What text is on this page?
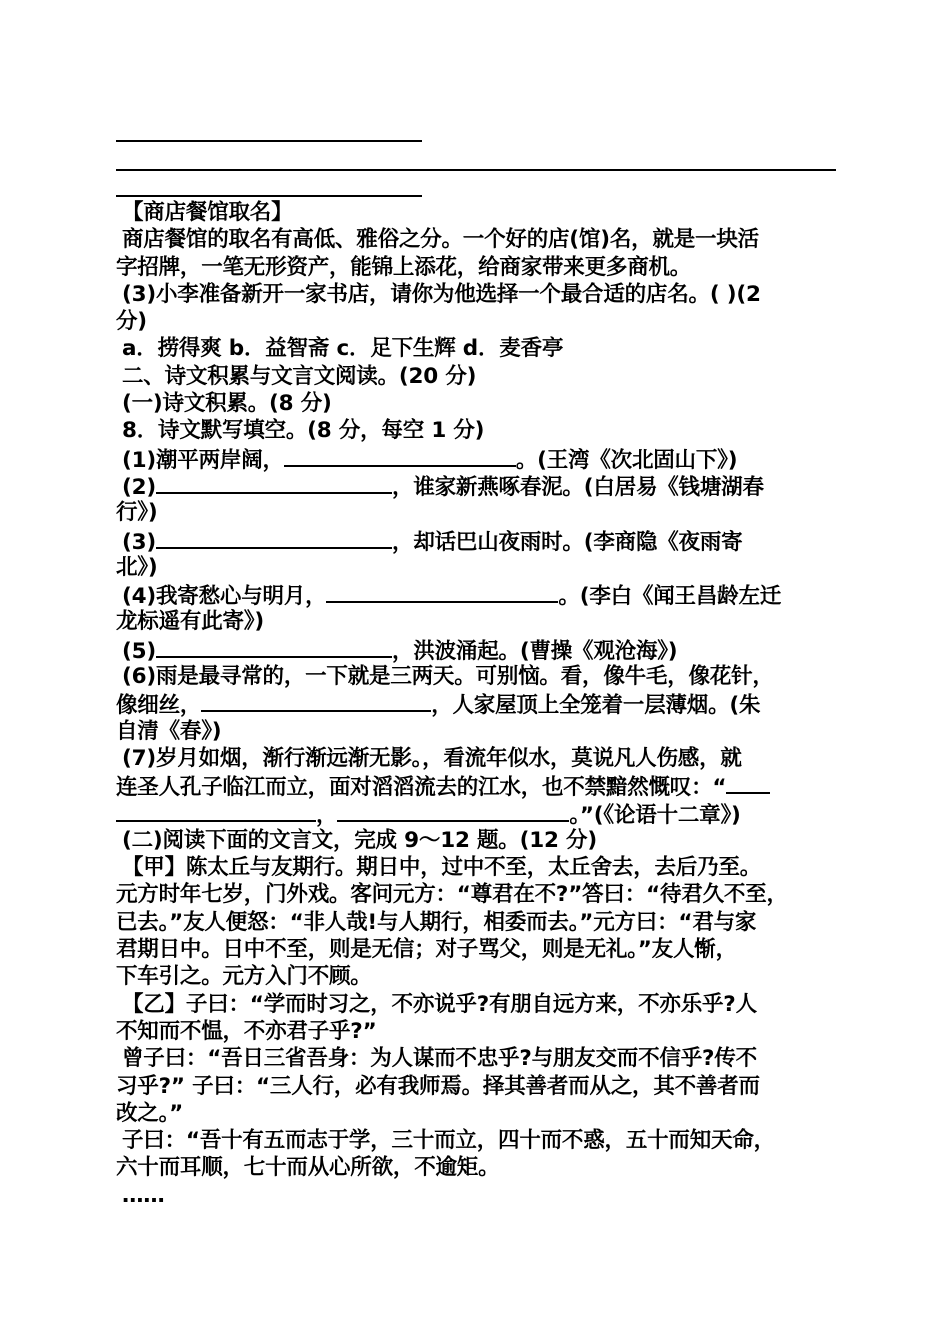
【商店餐馆取名】
商店餐馆的取名有高低、雅俗之分。一个好的店(馆)名，就是一块活
字招牌，一笔无形资产，能锦上添花，给商家带来更多商机。
(3)小李准备新开一家书店，请你为他选择一个最合适的店名。( )(2
分)
a．捞得爽 b．益智斋 c．足下生辉 d．麦香亭
二、诗文积累与文言文阅读。(20 分)
(一)诗文积累。(8 分)
8．诗文默写填空。(8 分，每空 1 分)
(1)潮平两岸阔，	。(王湾《次北固山下》)
(2)	，谁家新燕啄春泥。(白居易《钱塘湖春
行》)
(3)	，却话巴山夜雨时。(李商隐《夜雨寄
北》)
(4)我寄愁心与明月，	。(李白《闻王昌龄左迁
龙标遥有此寄》)
(5)	，洪波涌起。(曹操《观沧海》)
(6)雨是最寻常的，一下就是三两天。可别恼。看，像牛毛，像花针，
像细丝，	，人家屋顶上全笼着一层薄烟。(朱
自清《春》)
(7)岁月如烟，渐行渐远渐无影。，看流年似水，莫说凡人伤感，就
连圣人孔子临江而立，面对滔滔流去的江水，也不禁黯然慨叹：“
，	。”(《论语十二章》)
(二)阅读下面的文言文，完成 9～12 题。(12 分)
【甲】陈太丘与友期行。期日中，过中不至，太丘舍去，去后乃至。
元方时年七岁，门外戏。客问元方：“尊君在不?”答曰：“待君久不至，
已去。”友人便怒：“非人哉!与人期行，相委而去。”元方曰：“君与家
君期日中。日中不至，则是无信；对子骂父，则是无礼。”友人惭，
下车引之。元方入门不顾。
【乙】子曰：“学而时习之，不亦说乎?有朋自远方来，不亦乐乎?人
不知而不愠，不亦君子乎?”
曾子曰：“吾日三省吾身：为人谋而不忠乎?与朋友交而不信乎?传不
习乎?” 子曰：“三人行，必有我师焉。择其善者而从之，其不善者而
改之。”
子曰：“吾十有五而志于学，三十而立，四十而不惑，五十而知天命，
六十而耳顺，七十而从心所欲，不逾矩。
……
